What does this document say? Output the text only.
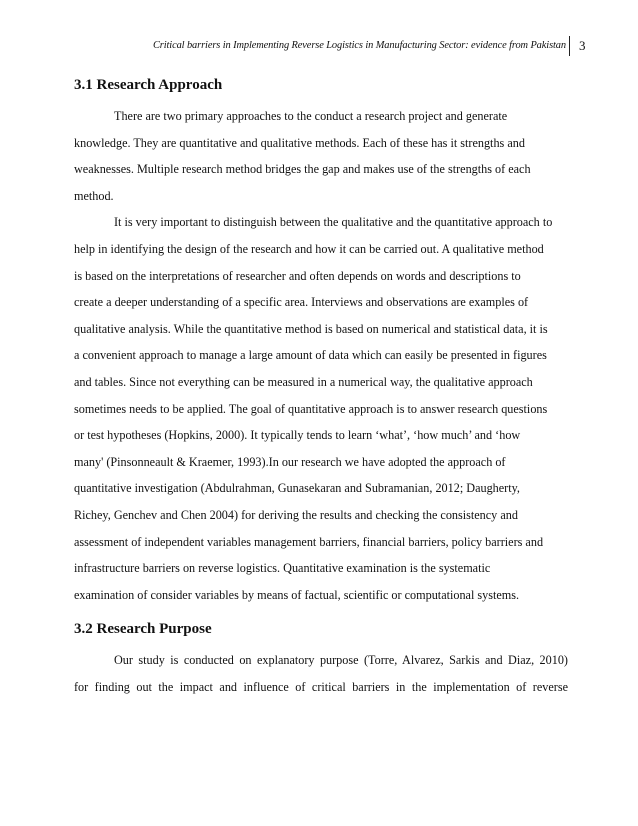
Critical barriers in Implementing Reverse Logistics in Manufacturing Sector: evidence from Pakistan 3
3.1 Research Approach

There are two primary approaches to the conduct a research project and generate
knowledge. They are quantitative and qualitative methods. Each of these has it strengths and
weaknesses. Multiple research method bridges the gap and makes use of the strengths of each
method.

It is very important to distinguish between the qualitative and the quantitative approach to
help in identifying the design of the research and how it can be carried out. A qualitative method
is based on the interpretations of researcher and often depends on words and descriptions to
create a deeper understanding of a specific area. Interviews and observations are examples of
qualitative analysis. While the quantitative method is based on numerical and statistical data, it is
a convenient approach to manage a large amount of data which can easily be presented in figures
and tables. Since not everything can be measured in a numerical way, the qualitative approach
sometimes needs to be applied. The goal of quantitative approach is to answer research questions
or test hypotheses (Hopkins, 2000). It typically tends to learn ‘what’, ‘how much’ and ‘how
many' (Pinsonneault & Kraemer, 1993).In our research we have adopted the approach of
quantitative investigation (Abdulrahman, Gunasekaran and Subramanian, 2012; Daugherty,
Richey, Genchev and Chen 2004) for deriving the results and checking the consistency and
assessment of independent variables management barriers, financial barriers, policy barriers and
infrastructure barriers on reverse logistics. Quantitative examination is the systematic
examination of consider variables by means of factual, scientific or computational systems.

3.2 Research Purpose

Our study is conducted on explanatory purpose (Torre, Alvarez, Sarkis and Diaz, 2010)
for finding out the impact and influence of critical barriers in the implementation of reverse
